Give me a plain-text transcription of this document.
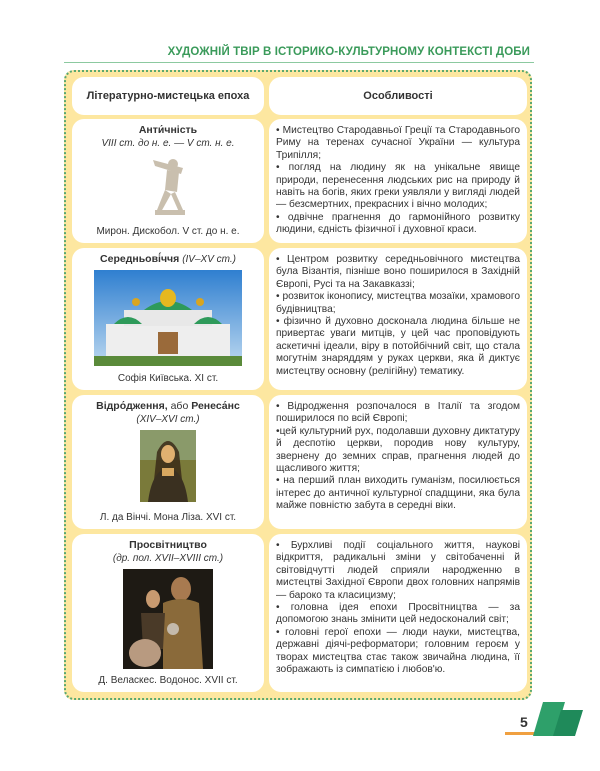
ХУДОЖНІЙ ТВІР В ІСТОРИКО-КУЛЬТУРНОМУ КОНТЕКСТІ ДОБИ
Літературно-мистецька епоха	Особливості
Анти́чність
VIII ст. до н. е. — V ст. н. е.
Мирон. Дискобол. V ст. до н. е.

• Мистецтво Стародавньої Греції та Стародавнього Риму на теренах сучасної України — культура Трипілля;

• погляд на людину як на унікальне явище природи, перенесення людських рис на природу й навіть на богів, яких греки уявляли у вигляді людей — безсмертних, прекрасних і вічно молодих;

• одвічне прагнення до гармонійного розвитку людини, єдність фізичної і духовної краси.

Середньові́ччя (IV–XV ст.)
Софія Київська. XI ст.

• Центром розвитку середньовічного мистецтва була Візантія, пізніше воно поширилося в Західній Європі, Русі та на Закавказзі;

• розвиток іконопису, мистецтва мозаїки, храмового будівництва;

• фізично й духовно досконала людина більше не привертає уваги митців, у цей час проповідують аскетичні ідеали, віру в потойбічний світ, що стала могутнім знаряддям у руках церкви, яка й диктує мистецтву основну (релігійну) тематику.

Відро́дження, або Ренеса́нс
(XIV–XVI ст.)
Л. да Вінчі. Мона Ліза. XVI ст.

• Відродження розпочалося в Італії та згодом поширилося по всій Європі;

•цей культурний рух, подолавши духовну диктатуру й деспотію церкви, породив нову культуру, звернену до земних справ, прагнення людей до щасливого життя;

• на перший план виходить гуманізм, посилюється інтерес до античної культурної спадщини, яка була майже повністю забута в середні віки.

Просвітництво
(др. пол. XVII–XVIII ст.)
Д. Веласкес. Водонос. XVII ст.

• Бурхливі події соціального життя, наукові відкриття, радикальні зміни у світобаченні й світовідчутті людей сприяли народженню в мистецтві Західної Європи двох головних напрямів — бароко та класицизму;

• головна ідея епохи Просвітництва — за допомогою знань змінити цей недосконалий світ;

• головні герої епохи — люди науки, мистецтва, державні діячі-реформатори; головним героєм у творах мистецтва стає також звичайна людина, її зображають із симпатією і любов'ю.

5
